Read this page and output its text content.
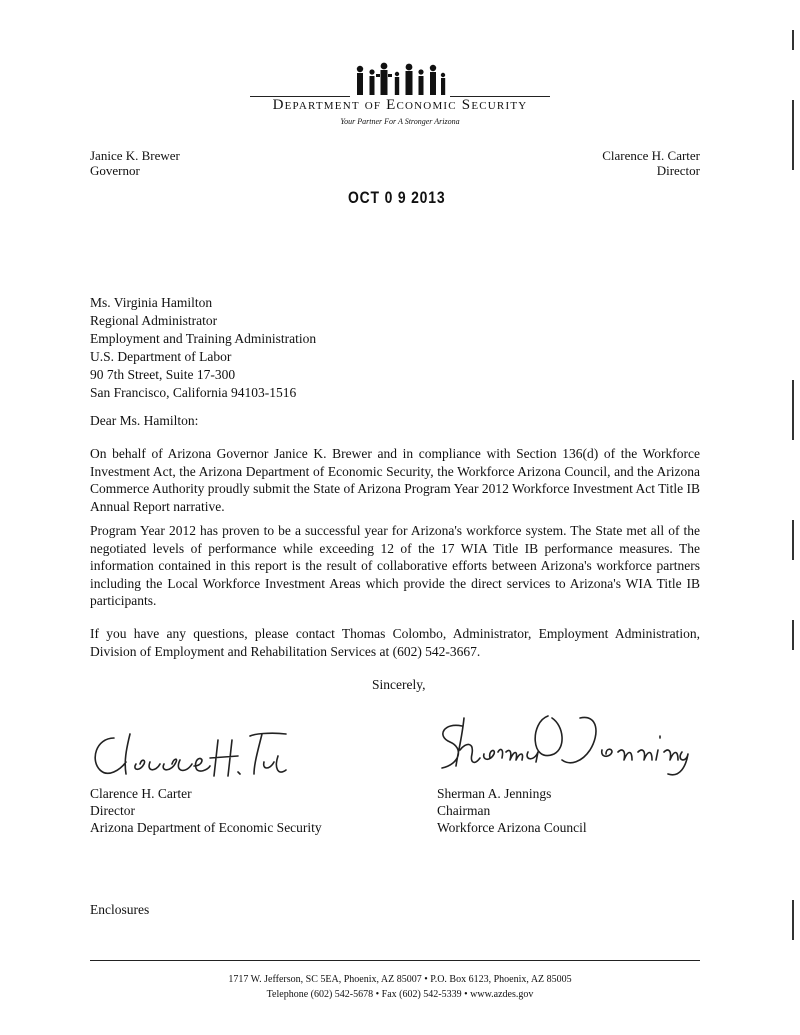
Department of Economic Security
Your Partner For A Stronger Arizona
Janice K. Brewer
Governor
Clarence H. Carter
Director
OCT 0 9 2013
Ms. Virginia Hamilton
Regional Administrator
Employment and Training Administration
U.S. Department of Labor
90 7th Street, Suite 17-300
San Francisco, California 94103-1516
Dear Ms. Hamilton:

On behalf of Arizona Governor Janice K. Brewer and in compliance with Section 136(d) of the Workforce Investment Act, the Arizona Department of Economic Security, the Workforce Arizona Council, and the Arizona Commerce Authority proudly submit the State of Arizona Program Year 2012 Workforce Investment Act Title IB Annual Report narrative.

Program Year 2012 has proven to be a successful year for Arizona's workforce system. The State met all of the negotiated levels of performance while exceeding 12 of the 17 WIA Title IB performance measures. The information contained in this report is the result of collaborative efforts between Arizona's workforce partners including the Local Workforce Investment Areas which provide the direct services to Arizona's WIA Title IB participants.

If you have any questions, please contact Thomas Colombo, Administrator, Employment Administration, Division of Employment and Rehabilitation Services at (602) 542-3667.

Sincerely,
Clarence H. Carter
Director
Arizona Department of Economic Security
Sherman A. Jennings
Chairman
Workforce Arizona Council
Enclosures
1717 W. Jefferson, SC 5EA, Phoenix, AZ 85007 • P.O. Box 6123, Phoenix, AZ 85005
Telephone (602) 542-5678 • Fax (602) 542-5339 • www.azdes.gov
